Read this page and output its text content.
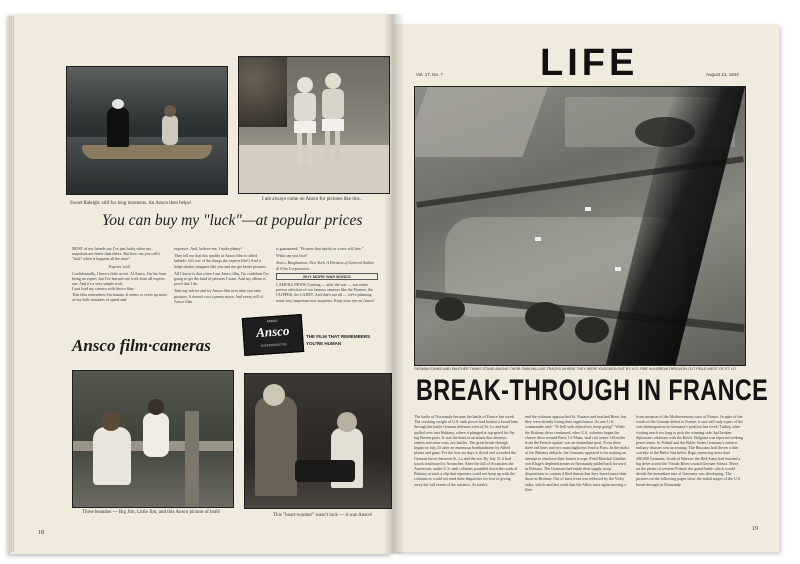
Sweet Raleigh: still for long moments. An Ansco then helps!
I am always come on Ansco for pictures like this.
You can buy my "luck"—at popular prices
MOST of my friends say I've just lucky when my snapshots are better than theirs. But how can you call it "luck" when it happens all the time?
Experts' trick
Confidentially, I have a little secret. At Ansco, I'm far from being an expert, but I've learned one trick from all experts use. And it's a very simple trick.
I just load my camera with Ansco film.
This film remembers I'm human. It seems to cover up most of my little mistakes of speed and
exposure. And, believe me, I make plenty!
They tell me that this quality in Ansco film is called latitude. (It's one of the things the experts like!) And it helps shutter snappers like you and me get better pictures.
All I know is that when I use Ansco film, I'm confident I'm going to get the kind of pictures I want. And my album is proof that I do.
Take my advice and try Ansco film next time you take pictures. It doesn't cost a penny more. And every roll of Ansco film
is guaranteed: "Pictures that satisfy or a new roll free."
What can you lose?
Ansco, Binghamton, New York. A Division of General Aniline & Film Corporation.
BUY MORE WAR BONDS
CAMERA NEWS! Coming — after the war — our entire prewar selection of our famous cameras like the Pioneer, the CLIPPER, the CADET. And that's not all — we're planning some very important new surprises. Keep your eye on Ansco!
Ansco film·cameras
ANSCO
Ansco
SUPERSENSITIVE
THE FILM THAT REMEMBERS
YOU'RE HUMAN
Three beauties — Big Jim, Little Jim, and this Ansco picture of both!
This "heart-warmer" wasn't luck — it was Ansco!
18
LIFE
Vol. 17, No. 7	August 14, 1944
GERMAN TANKS AND PANTHER TANKS STAND AMONG THEIR OWN MILLING TRACKS WHERE THEY WERE KNOCKED OUT BY U.S. FIRE IN A BREAKTHROUGH-CUT FIELD WEST OF ST. LO
BREAK-THROUGH IN FRANCE
The battle of Normandy became the battle of France last week. The crushing weight of U.S. tank power had broken a broad lane through the battle German defenses west of St. Lo and had spilled over into Brittany, where it plunged at top speed for the big Breton ports. It was the kind of an attack that destroys armies and wins wars, not battles. The great break-through began on July 25 after an enormous bombardment by Allied planes and guns. For the first six days it sliced and corroded the German forces between St. Lo and the sea. By July 31 it had struck southward to Avranches. After the fall of Avranches the Americans, under U.S. tank columns pounded down the roads of Brittany at such a clip that reporters could not keep up with the columns or could not send their dispatches for fear of giving away the full extent of the advance. At week's
end the columns approached St. Nazaire and reached Brest, but they were already losing their significance. As one U.S. commander said: "To hell with objectives, keep going!" While the Brittany drive continued, other U.S. columns began the clearer drive toward Paris. Le Mans, vital rail center 110 miles from the French capital, was an immediate goal. From there three rail lines and two main highways lead to Paris. In the midst of the Brittany debacle, the Germans appeared to be making an attempt to reinforce their beaten troops. Field Marshal Günther von Kluge's depleted armies in Normandy pulled back forward in Brittany. The Germans had made their supply troop dispositions to contain Allied thrusts that they feared more than those in Brittany. Out of their front was reflected by the Vichy radio, which said last week that the Allies were again moving a fleet
from invasion of the Mediterranean coast of France. In spite of the worth of the German defeat in France, it was still only a part of the vast disintegration in Germany's position last week. Turkey, after waiting much too long to pick the winning side, had broken diplomatic relations with the Reich. Bulgaria was reported seeking peace terms. In Poland and the Baltic States Germany's eastern military disaster was increasing. The Russians had driven a thin corridor to the Baltic Sea below Riga, menacing more than 200,000 Germans. South of Warsaw the Red Army had reached a big drive across the Vistula River toward German Silesia. There, on the plains of western Poland, the grand battle which would decide the immediate fate of Germany was developing. The pictures on the following pages show the initial stages of the U.S. break-through in Normandy.
19
